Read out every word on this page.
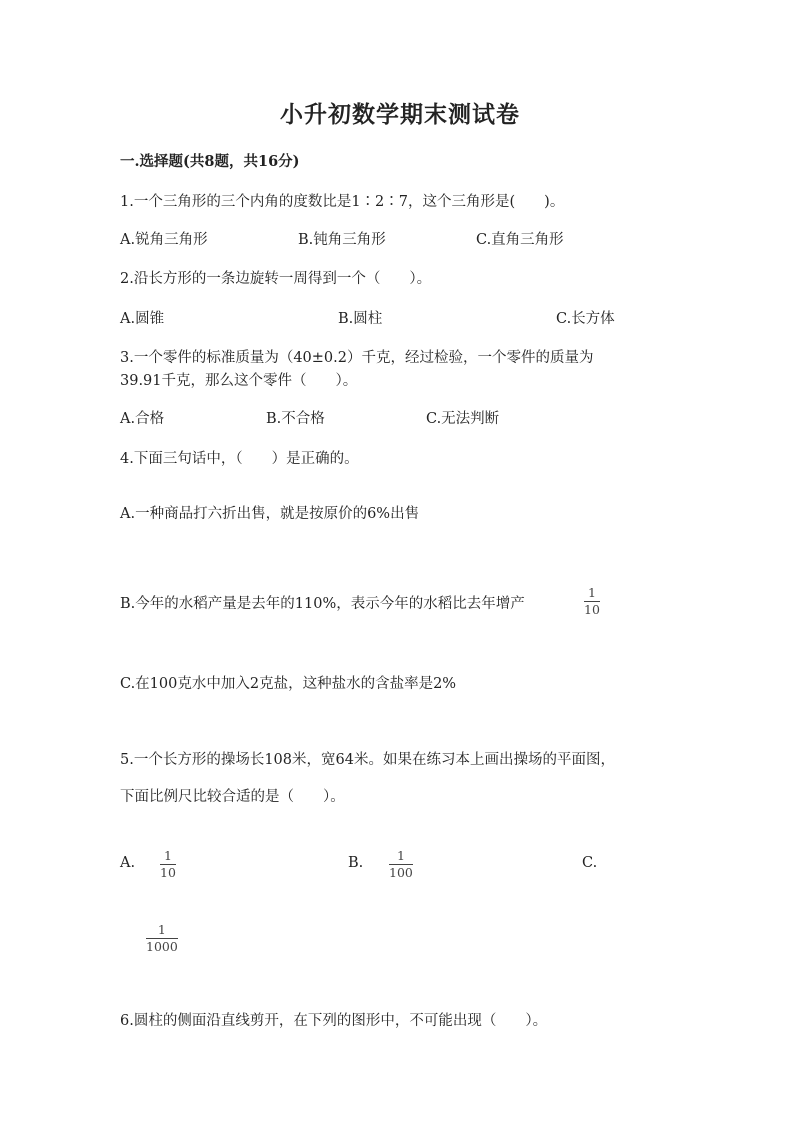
小升初数学期末测试卷
一.选择题(共8题，共16分)
1.一个三角形的三个内角的度数比是1∶2∶7，这个三角形是(　　)。
A.锐角三角形	B.钝角三角形	C.直角三角形
2.沿长方形的一条边旋转一周得到一个（　　）。
A.圆锥	B.圆柱	C.长方体
3.一个零件的标准质量为（40±0.2）千克，经过检验，一个零件的质量为
39.91千克，那么这个零件（　　）。
A.合格	B.不合格	C.无法判断
4.下面三句话中，（　　）是正确的。
A.一种商品打六折出售，就是按原价的6%出售
B.今年的水稻产量是去年的110%，表示今年的水稻比去年增产
1
10
C.在100克水中加入2克盐，这种盐水的含盐率是2%
5.一个长方形的操场长108米，宽64米。如果在练习本上画出操场的平面图，
下面比例尺比较合适的是（　　）。
A. 1
10
B.	1
100
C.
1
1000
6.圆柱的侧面沿直线剪开，在下列的图形中，不可能出现（　　）。
